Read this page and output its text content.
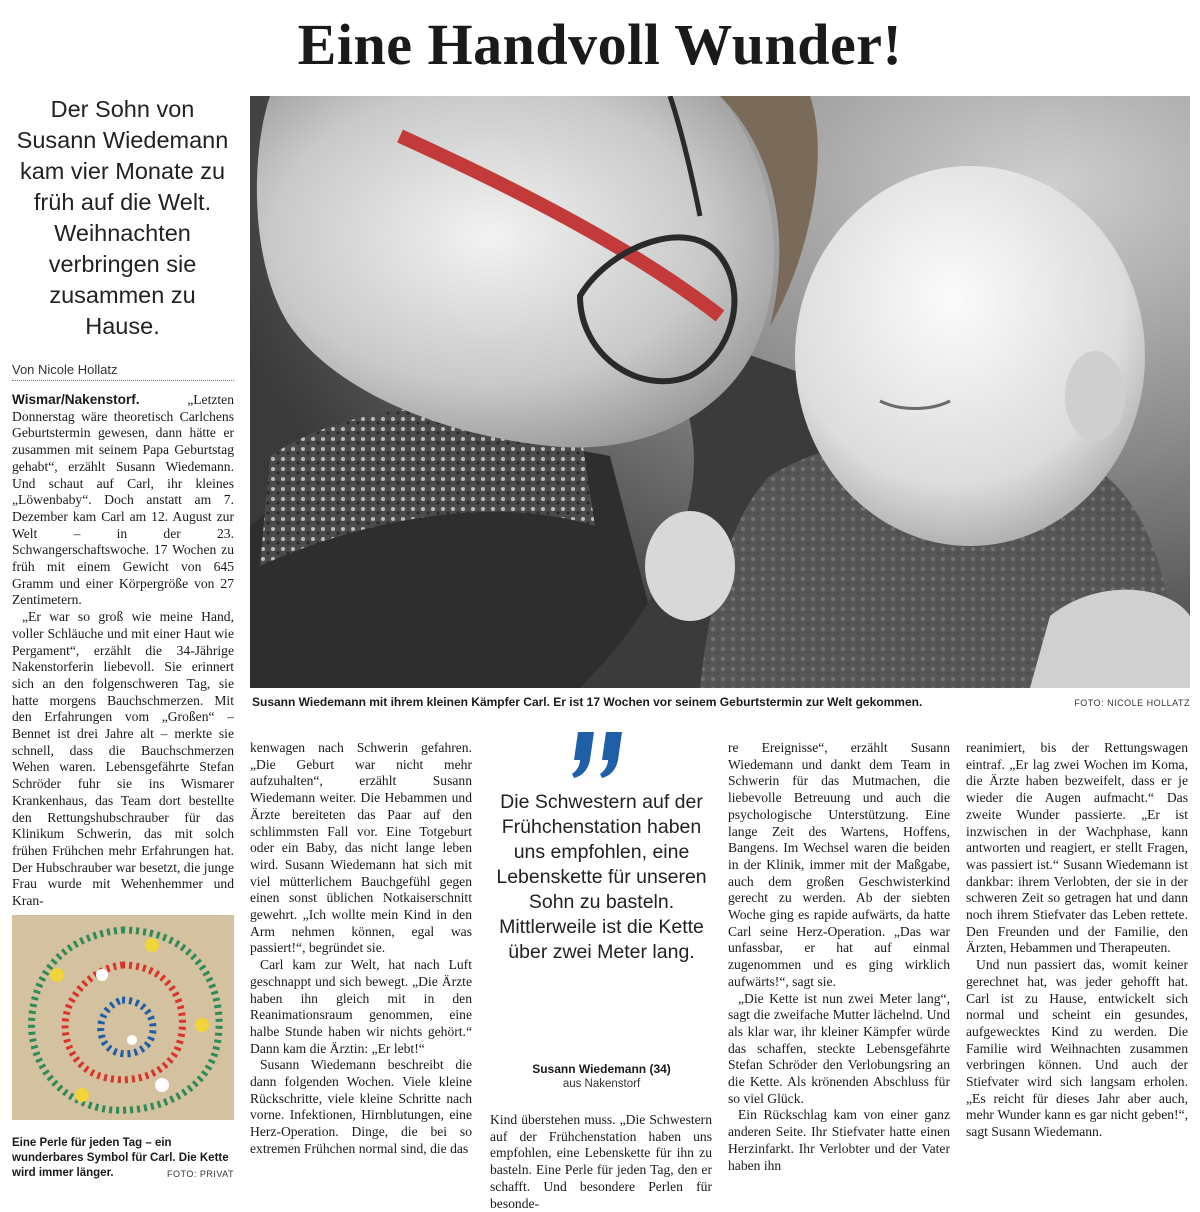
Eine Handvoll Wunder!
Der Sohn von Susann Wiedemann kam vier Monate zu früh auf die Welt. Weihnachten verbringen sie zusammen zu Hause.
Von Nicole Hollatz
Susann Wiedemann mit ihrem kleinen Kämpfer Carl. Er ist 17 Wochen vor seinem Geburtstermin zur Welt gekommen.	FOTO: NICOLE HOLLATZ

Wismar/Nakenstorf.	„Letzten Donnerstag wäre theoretisch Carlchens Geburtstermin gewesen, dann hätte er zusammen mit seinem Papa Geburtstag gehabt“, erzählt Susann Wiedemann. Und schaut auf Carl, ihr kleines „Löwenbaby“. Doch anstatt am 7. Dezember kam Carl am 12. August zur Welt – in der 23. Schwangerschaftswoche. 17 Wochen zu früh mit einem Gewicht von 645 Gramm und einer Körpergröße von 27 Zentimetern.

„Er war so groß wie meine Hand, voller Schläuche und mit einer Haut wie Pergament“, erzählt die 34-Jährige Nakenstorferin liebevoll. Sie erinnert sich an den folgenschweren Tag, sie hatte morgens Bauchschmerzen. Mit den Erfahrungen vom „Großen“ – Bennet ist drei Jahre alt – merkte sie schnell, dass die Bauchschmerzen Wehen waren. Lebensgefährte Stefan Schröder fuhr sie ins Wismarer Krankenhaus, das Team dort bestellte den Rettungshubschrauber für das Klinikum Schwerin, das mit solch frühen Frühchen mehr Erfahrungen hat. Der Hubschrauber war besetzt, die junge Frau wurde mit Wehenhemmer und Kran-

Eine Perle für jeden Tag – ein wunderbares Symbol für Carl. Die Kette wird immer länger.	FOTO: PRIVAT

kenwagen nach Schwerin gefahren. „Die Geburt war nicht mehr aufzuhalten“, erzählt Susann Wiedemann weiter. Die Hebammen und Ärzte bereiteten das Paar auf den schlimmsten Fall vor. Eine Totgeburt oder ein Baby, das nicht lange leben wird. Susann Wiedemann hat sich mit viel mütterlichem Bauchgefühl gegen einen sonst üblichen Notkaiserschnitt gewehrt. „Ich wollte mein Kind in den Arm nehmen können, egal was passiert!“, begründet sie.

Carl kam zur Welt, hat nach Luft geschnappt und sich bewegt. „Die Ärzte haben ihn gleich mit in den Reanimationsraum genommen, eine halbe Stunde haben wir nichts gehört.“ Dann kam die Ärztin: „Er lebt!“

Susann Wiedemann beschreibt die dann folgenden Wochen. Viele kleine Rückschritte, viele kleine Schritte nach vorne. Infektionen, Hirnblutungen, eine Herz-Operation. Dinge, die bei so extremen Frühchen normal sind, die das

Die Schwestern auf der Frühchenstation haben uns empfohlen, eine Lebenskette für unseren Sohn zu basteln. Mittlerweile ist die Kette über zwei Meter lang.
Susann Wiedemann (34)
aus Nakenstorf

Kind überstehen muss. „Die Schwestern auf der Frühchenstation haben uns empfohlen, eine Lebenskette für ihn zu basteln. Eine Perle für jeden Tag, den er schafft. Und besondere Perlen für besonde-

re Ereignisse“, erzählt Susann Wiedemann und dankt dem Team in Schwerin für das Mutmachen, die liebevolle Betreuung und auch die psychologische Unterstützung. Eine lange Zeit des Wartens, Hoffens, Bangens. Im Wechsel waren die beiden in der Klinik, immer mit der Maßgabe, auch dem großen Geschwisterkind gerecht zu werden. Ab der siebten Woche ging es rapide aufwärts, da hatte Carl seine Herz-Operation. „Das war unfassbar, er hat auf einmal zugenommen und es ging wirklich aufwärts!“, sagt sie.

„Die Kette ist nun zwei Meter lang“, sagt die zweifache Mutter lächelnd. Und als klar war, ihr kleiner Kämpfer würde das schaffen, steckte Lebensgefährte Stefan Schröder den Verlobungsring an die Kette. Als krönenden Abschluss für so viel Glück.

Ein Rückschlag kam von einer ganz anderen Seite. Ihr Stiefvater hatte einen Herzinfarkt. Ihr Verlobter und der Vater haben ihn

reanimiert, bis der Rettungswagen eintraf. „Er lag zwei Wochen im Koma, die Ärzte haben bezweifelt, dass er je wieder die Augen aufmacht.“ Das zweite Wunder passierte. „Er ist inzwischen in der Wachphase, kann antworten und reagiert, er stellt Fragen, was passiert ist.“ Susann Wiedemann ist dankbar: ihrem Verlobten, der sie in der schweren Zeit so getragen hat und dann noch ihrem Stiefvater das Leben rettete. Den Freunden und der Familie, den Ärzten, Hebammen und Therapeuten.

Und nun passiert das, womit keiner gerechnet hat, was jeder gehofft hat. Carl ist zu Hause, entwickelt sich normal und scheint ein gesundes, aufgewecktes Kind zu werden. Die Familie wird Weihnachten zusammen verbringen können. Und auch der Stiefvater wird sich langsam erholen. „Es reicht für dieses Jahr aber auch, mehr Wunder kann es gar nicht geben!“, sagt Susann Wiedemann.
